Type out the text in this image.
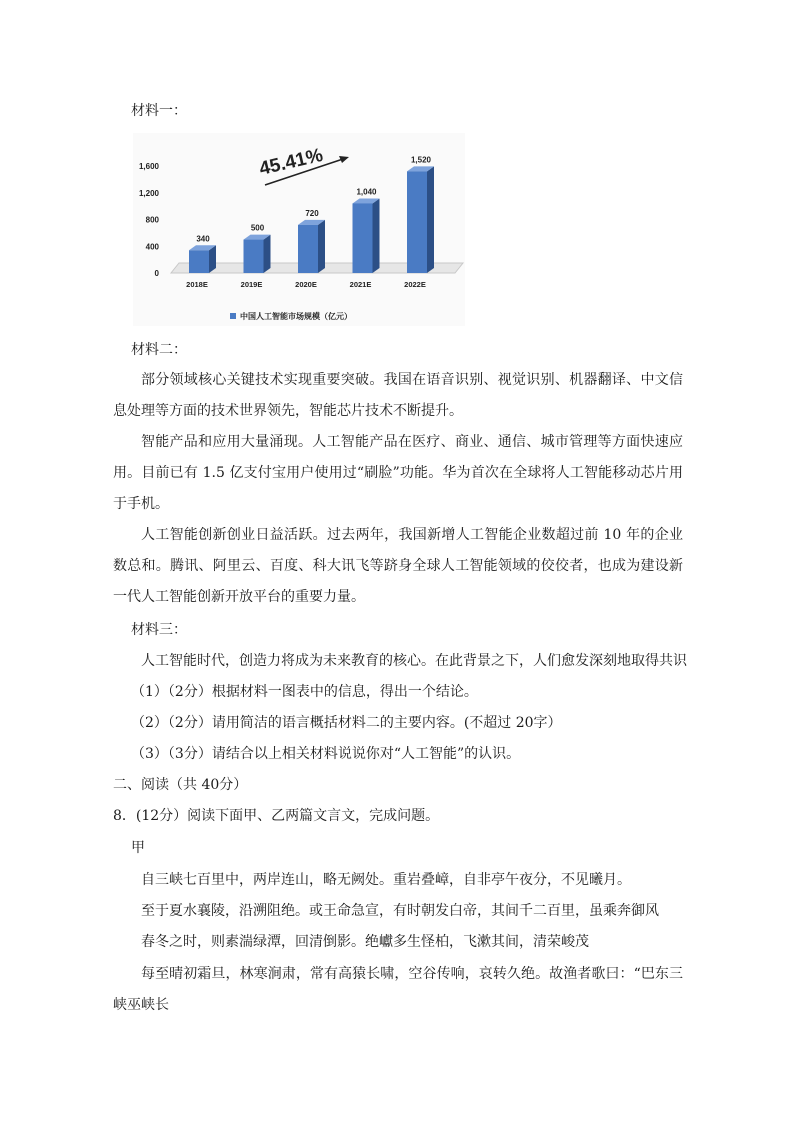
材料一：
0
400
800
1,200
1,600
340
500
720
1,040
1,520
2018E	2019E	2020E	2021E	2022E
45.41%
中国人工智能市场规模（亿元）
材料二：

部分领域核心关键技术实现重要突破。我国在语音识别、视觉识别、机器翻译、中文信息处理等方面的技术世界领先，智能芯片技术不断提升。

智能产品和应用大量涌现。人工智能产品在医疗、商业、通信、城市管理等方面快速应用。目前已有 1.5 亿支付宝用户使用过“刷脸”功能。华为首次在全球将人工智能移动芯片用于手机。

人工智能创新创业日益活跃。过去两年，我国新增人工智能企业数超过前 10 年的企业数总和。腾讯、阿里云、百度、科大讯飞等跻身全球人工智能领域的佼佼者，也成为建设新一代人工智能创新开放平台的重要力量。

材料三：
人工智能时代，创造力将成为未来教育的核心。在此背景之下，人们愈发深刻地取得共识
（1）（2分）根据材料一图表中的信息，得出一个结论。
（2）（2分）请用简洁的语言概括材料二的主要内容。(不超过 20字）
（3）（3分）请结合以上相关材料说说你对“人工智能”的认识。
二、阅读（共 40分）
8．(12分）阅读下面甲、乙两篇文言文，完成问题。
甲
自三峡七百里中，两岸连山，略无阙处。重岩叠嶂，自非亭午夜分，不见曦月。
至于夏水襄陵，沿溯阻绝。或王命急宣，有时朝发白帝，其间千二百里，虽乘奔御风
春冬之时，则素湍绿潭，回清倒影。绝巘多生怪柏，飞漱其间，清荣峻茂

每至晴初霜旦，林寒涧肃，常有高猿长啸，空谷传响，哀转久绝。故渔者歌曰：“巴东三峡巫峡长
